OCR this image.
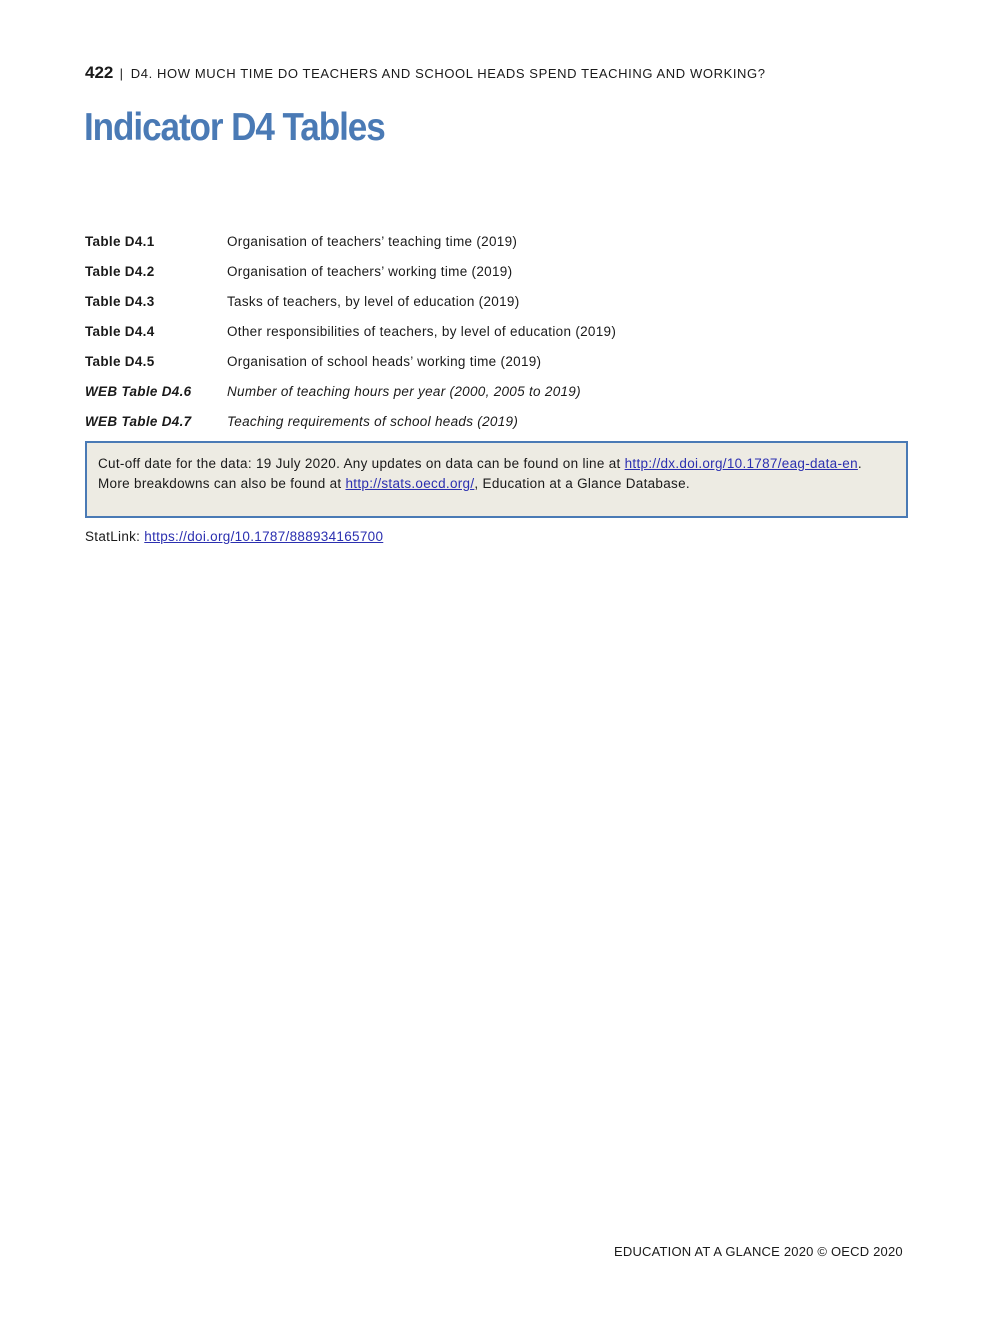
422 | D4. HOW MUCH TIME DO TEACHERS AND SCHOOL HEADS SPEND TEACHING AND WORKING?
Indicator D4 Tables
Table D4.1	Organisation of teachers’ teaching time (2019)
Table D4.2	Organisation of teachers’ working time (2019)
Table D4.3	Tasks of teachers, by level of education (2019)
Table D4.4	Other responsibilities of teachers, by level of education (2019)
Table D4.5	Organisation of school heads’ working time (2019)
WEB Table D4.6	Number of teaching hours per year (2000, 2005 to 2019)
WEB Table D4.7	Teaching requirements of school heads (2019)
Cut-off date for the data: 19 July 2020. Any updates on data can be found on line at http://dx.doi.org/10.1787/eag-data-en. More breakdowns can also be found at http://stats.oecd.org/, Education at a Glance Database.
StatLink: https://doi.org/10.1787/888934165700
EDUCATION AT A GLANCE 2020 © OECD 2020
